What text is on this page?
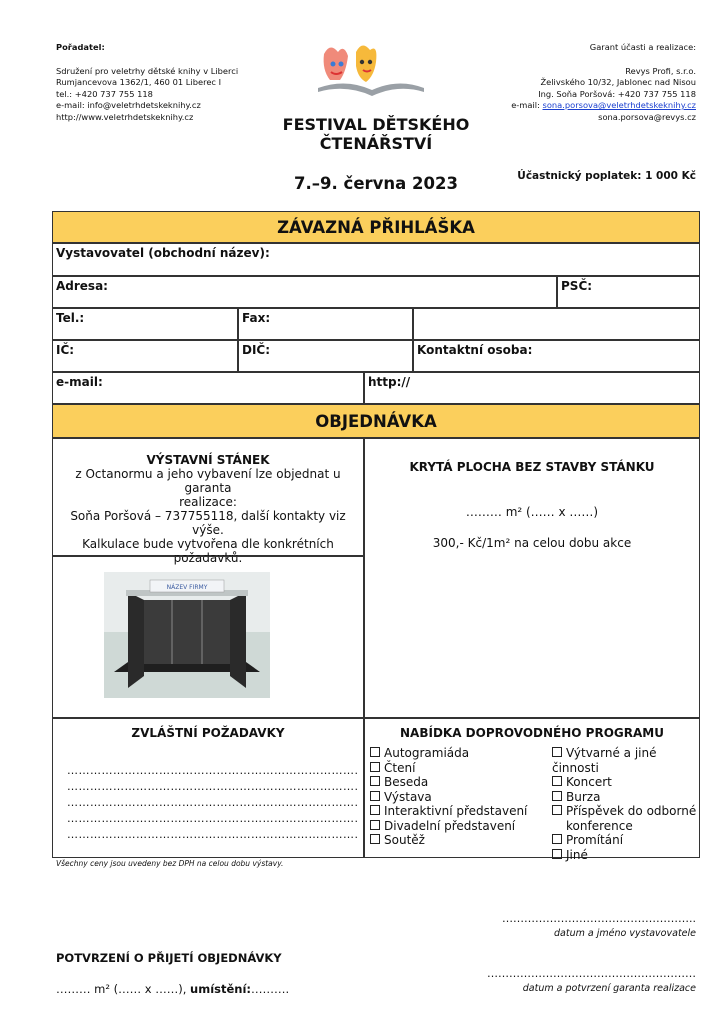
Pořadatel:
Sdružení pro veletrhy dětské knihy v Liberci
Rumjancevova 1362/1, 460 01 Liberec I
tel.: +420 737 755 118
e-mail: info@veletrhdetskeknihy.cz
http://www.veletrhdetskeknihy.cz
Garant účasti a realizace:
Revys Profi, s.r.o.
Želivského 10/32, Jablonec nad Nisou
Ing. Soňa Poršová: +420 737 755 118
e-mail: sona.porsova@veletrhdetskeknihy.cz
sona.porsova@revys.cz
FESTIVAL DĚTSKÉHO
ČTENÁŘSTVÍ
7.–9. června 2023	Účastnický poplatek: 1 000 Kč
ZÁVAZNÁ PŘIHLÁŠKA
Vystavovatel (obchodní název):
Adresa:	PSČ:
Tel.:	Fax:
IČ:	DIČ:	Kontaktní osoba:
e-mail:	http://
OBJEDNÁVKA
VÝSTAVNÍ STÁNEK
z Octanormu a jeho vybavení lze objednat u garanta
realizace:
Soňa Poršová – 737755118, další kontakty viz výše.
Kalkulace bude vytvořena dle konkrétních požadavků.
NÁZEV FIRMY
KRYTÁ PLOCHA BEZ STAVBY STÁNKU
……… m² (…… x ……)
300,- Kč/1m² na celou dobu akce
ZVLÁŠTNÍ POŽADAVKY
………………………………………………………………….
………………………………………………………………….
………………………………………………………………….
………………………………………………………………….
………………………………………………………………….
NABÍDKA DOPROVODNÉHO PROGRAMU
Autogramiáda
Čtení
Beseda
Výstava
Interaktivní představení
Divadelní představení
Soutěž
Výtvarné a jiné činnosti
Koncert
Burza
Příspěvek do odborné
konference
Promítání
Jiné
Všechny ceny jsou uvedeny bez DPH na celou dobu výstavy.
……………………………………………..
datum a jméno vystavovatele
POTVRZENÍ O PŘIJETÍ OBJEDNÁVKY
……… m² (…… x ……), umístění:……….
…………………………………………………
datum a potvrzení garanta realizace
